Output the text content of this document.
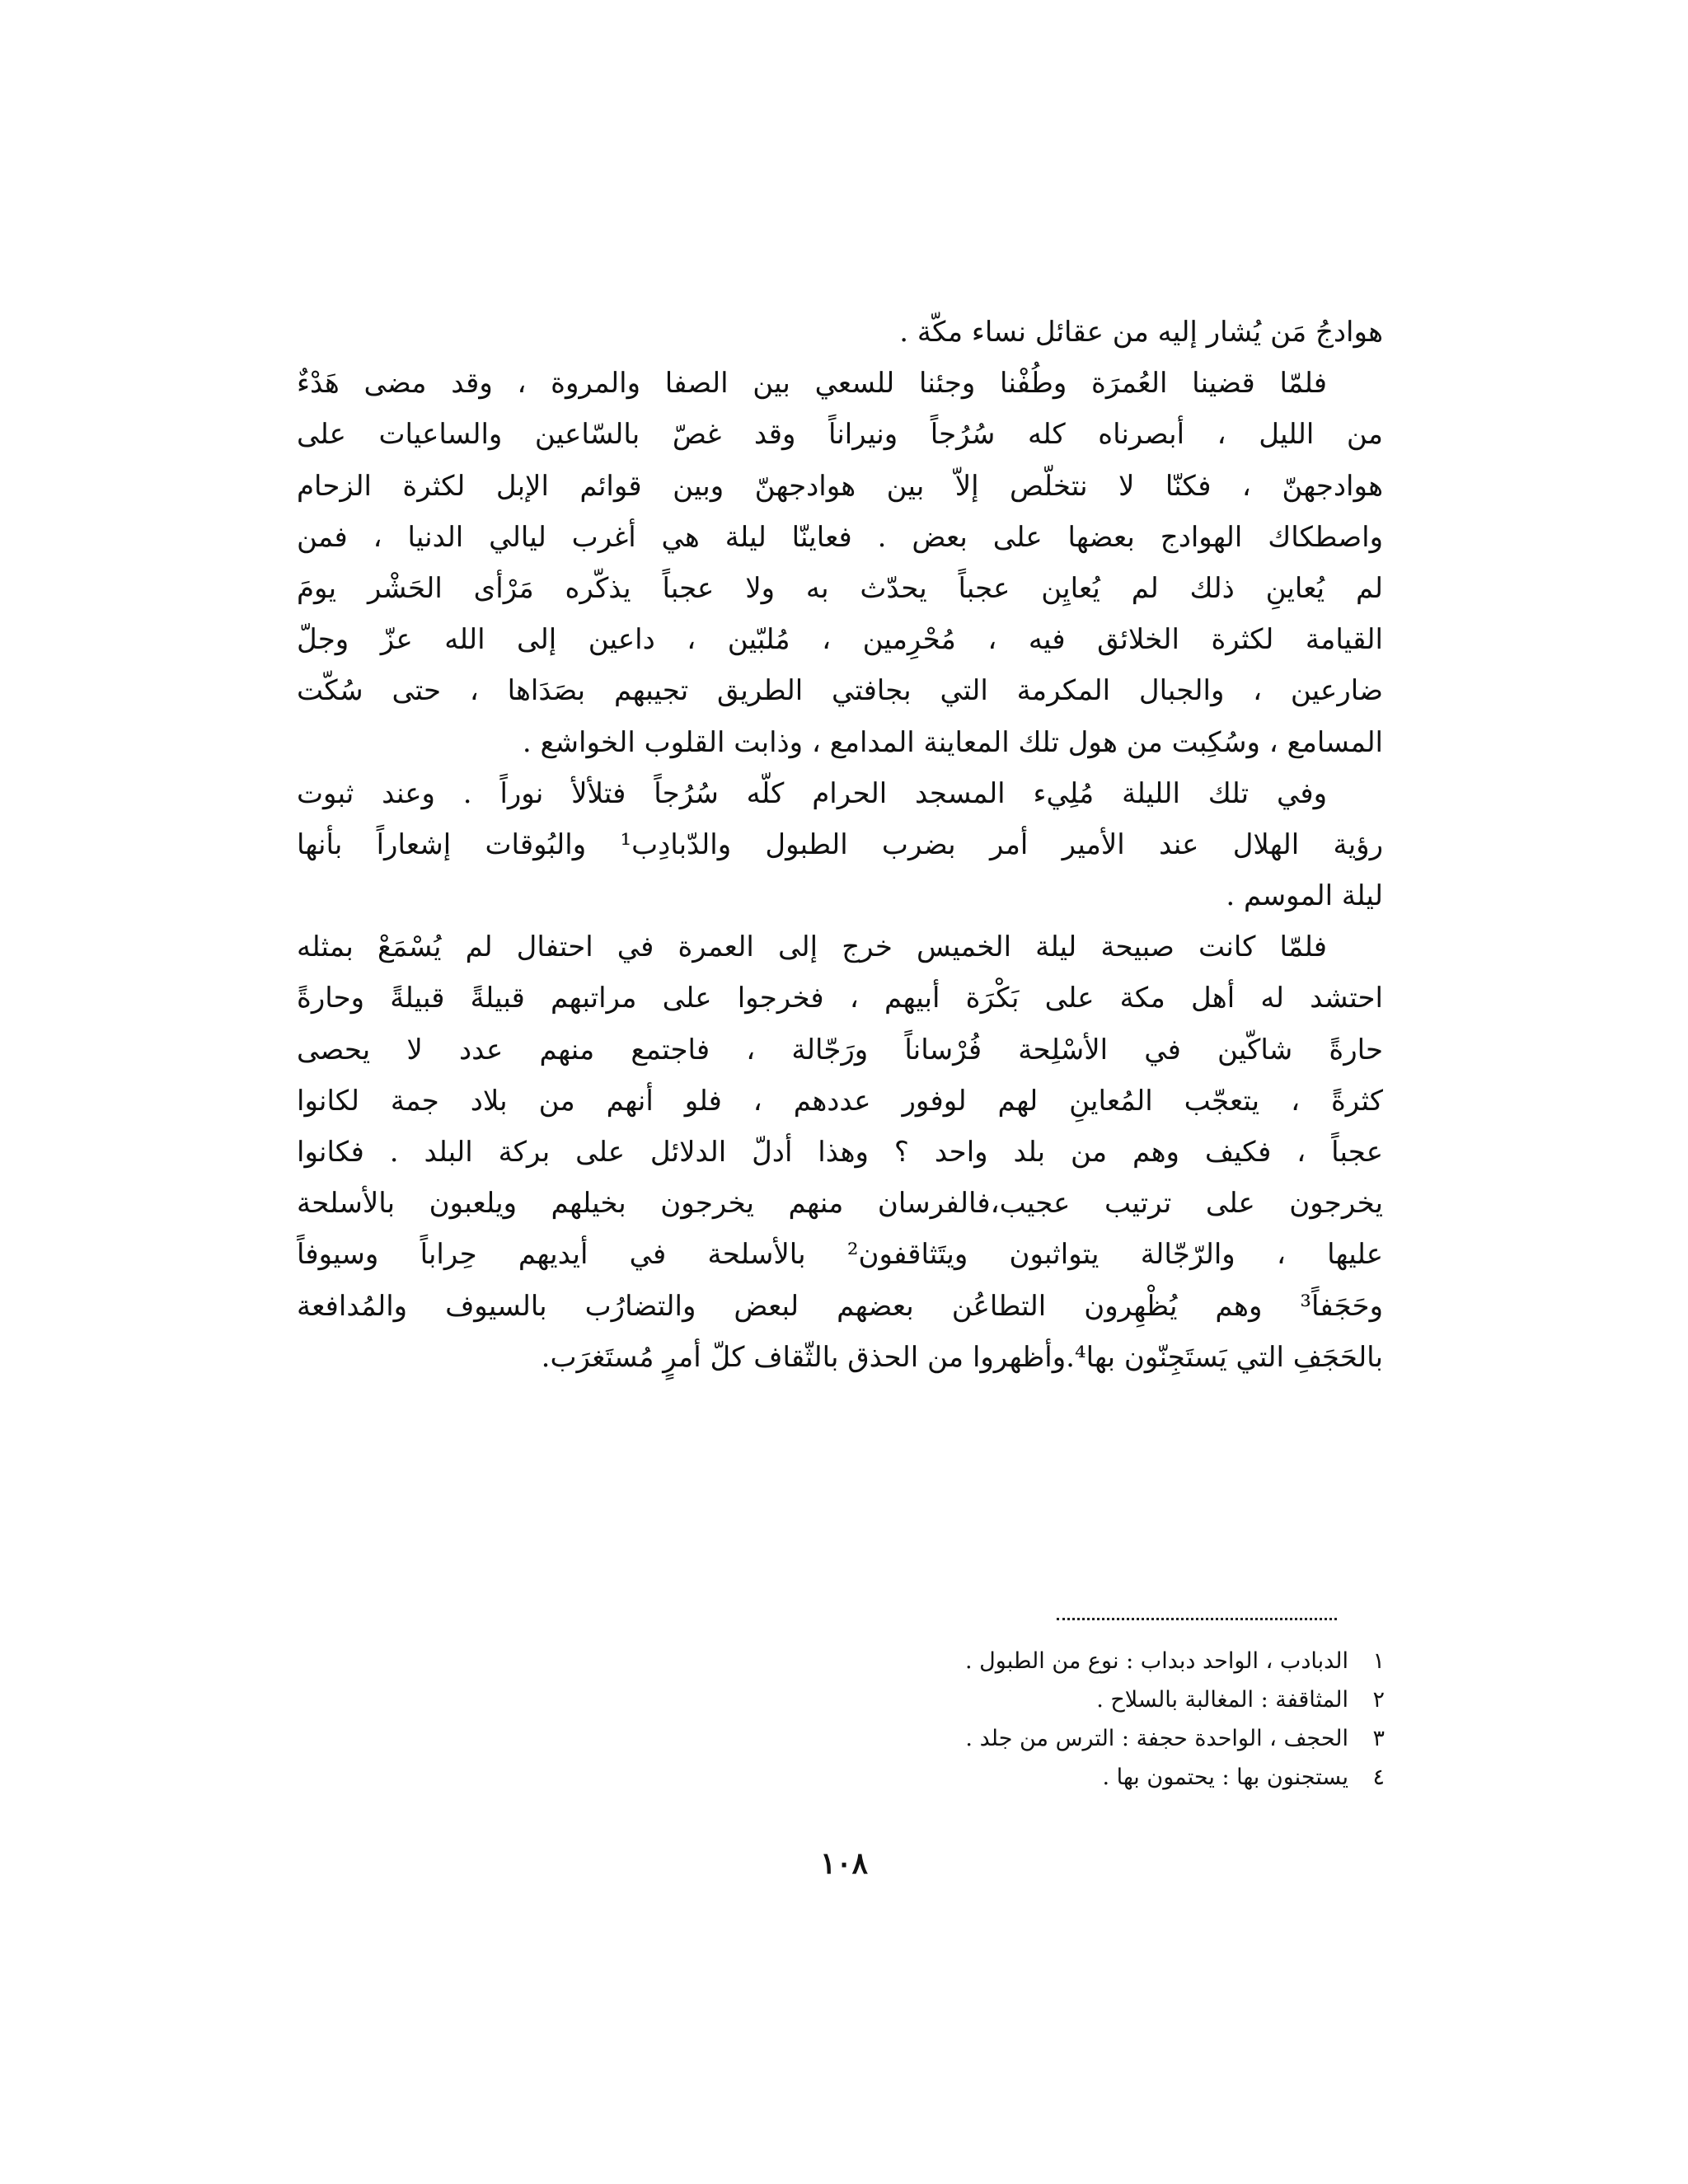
هوادجُ مَن يُشار إليه من عقائل نساء مكّة .
فلمّا قضينا العُمرَة وطُفْنا وجئنا للسعي بين الصفا والمروة ، وقد مضى هَدْءٌ
من الليل ، أبصرناه كله سُرُجاً ونيراناً وقد غصّ بالسّاعين والساعيات على
هوادجهنّ ، فكنّا لا نتخلّص إلاّ بين هوادجهنّ وبين قوائم الإبل لكثرة الزحام
واصطكاك الهوادج بعضها على بعض . فعاينّا ليلة هي أغرب ليالي الدنيا ، فمن
لم يُعاينِ ذلك لم يُعايِن عجباً يحدّث به ولا عجباً يذكّره مَرْأى الحَشْر يومَ
القيامة لكثرة الخلائق فيه ، مُحْرِمين ، مُلبّين ، داعين إلى الله عزّ وجلّ
ضارعين ، والجبال المكرمة التي بجافتي الطريق تجيبهم بصَدَاها ، حتى سُكّت
المسامع ، وسُكِبت من هول تلك المعاينة المدامع ، وذابت القلوب الخواشع .
وفي تلك الليلة مُلِيء المسجد الحرام كلّه سُرُجاً فتلألأ نوراً . وعند ثبوت
رؤية الهلال عند الأمير أمر بضرب الطبول والدّبادِب¹ والبُوقات إشعاراً بأنها
ليلة الموسم .
فلمّا كانت صبيحة ليلة الخميس خرج إلى العمرة في احتفال لم يُسْمَعْ بمثله
احتشد له أهل مكة على بَكْرَة أبيهم ، فخرجوا على مراتبهم قبيلةً قبيلةً وحارةً
حارةً شاكّين في الأسْلِحة فُرْساناً ورَجّالة ، فاجتمع منهم عدد لا يحصى
كثرةً ، يتعجّب المُعاينِ لهم لوفور عددهم ، فلو أنهم من بلاد جمة لكانوا
عجباً ، فكيف وهم من بلد واحد ؟ وهذا أدلّ الدلائل على بركة البلد . فكانوا
يخرجون على ترتيب عجيب،فالفرسان منهم يخرجون بخيلهم ويلعبون بالأسلحة
عليها ، والرّجّالة يتواثبون ويتَثاقفون² بالأسلحة في أيديهم حِراباً وسيوفاً
وحَجَفاً³ وهم يُظْهِرون التطاعُن بعضهم لبعض والتضارُب بالسيوف والمُدافعة
بالحَجَفِ التي يَستَجِنّون بها⁴.وأظهروا من الحذق بالثّقاف كلّ أمرٍ مُستَغرَب.
١الدبادب ، الواحد دبداب : نوع من الطبول .
٢المثاقفة : المغالبة بالسلاح .
٣الحجف ، الواحدة حجفة : الترس من جلد .
٤يستجنون بها : يحتمون بها .
١٠٨
